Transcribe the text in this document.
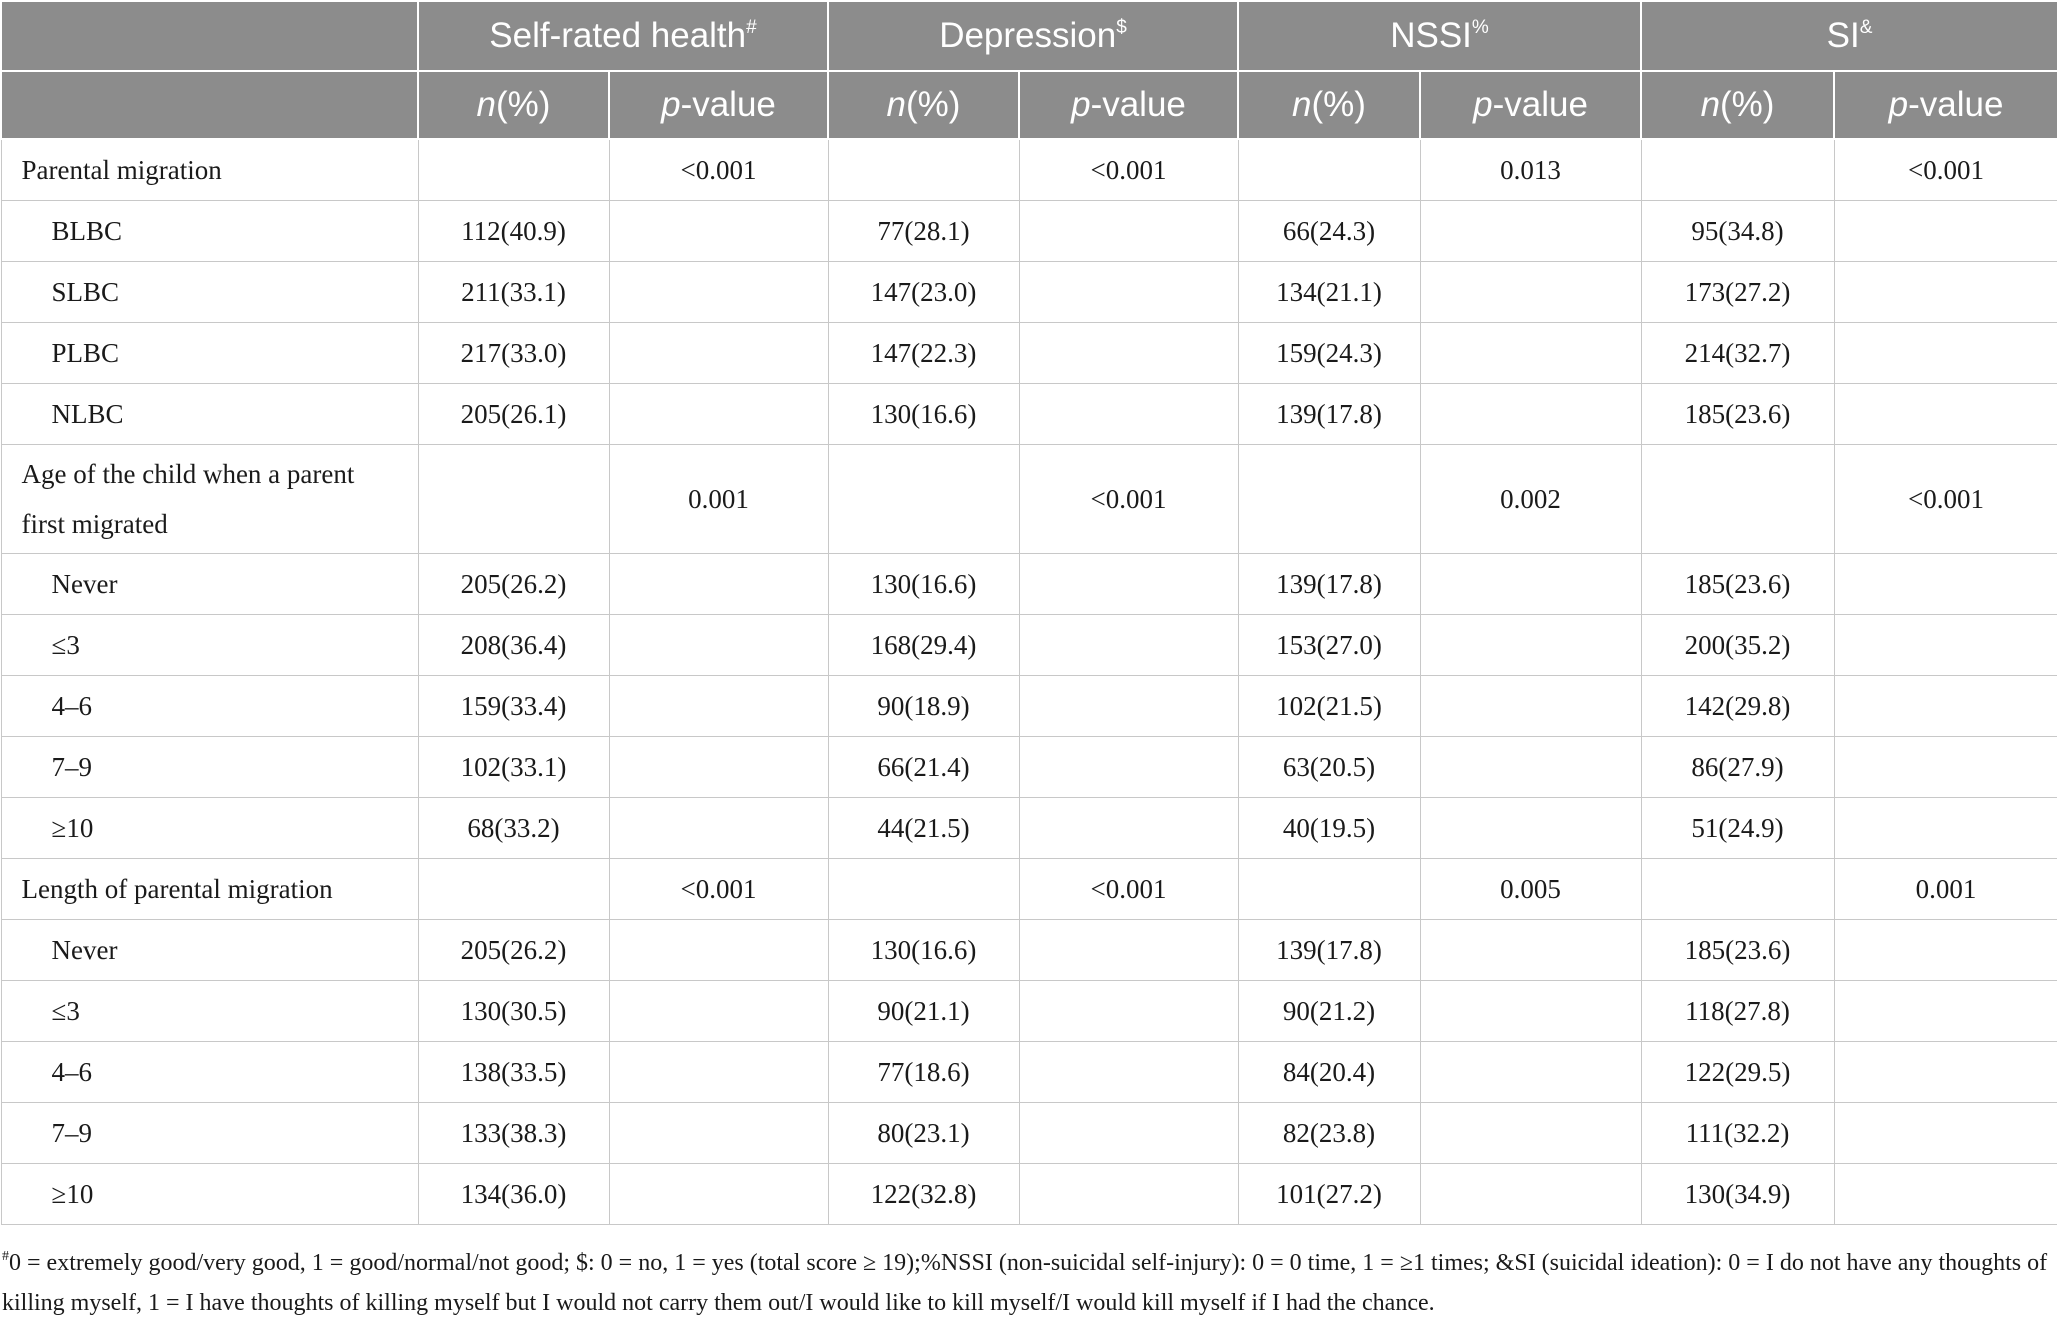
	Self-rated health#		Depression$		NSSI%		SI&
	n(%)	p-value	n(%)	p-value	n(%)	p-value	n(%)	p-value
Parental migration		<0.001		<0.001		0.013		<0.001
BLBC	112(40.9)		77(28.1)		66(24.3)		95(34.8)	
SLBC	211(33.1)		147(23.0)		134(21.1)		173(27.2)	
PLBC	217(33.0)		147(22.3)		159(24.3)		214(32.7)	
NLBC	205(26.1)		130(16.6)		139(17.8)		185(23.6)	

Age of the child when a parent
first migrated		0.001		<0.001		0.002		<0.001
Never	205(26.2)		130(16.6)		139(17.8)		185(23.6)	
≤3	208(36.4)		168(29.4)		153(27.0)		200(35.2)	
4–6	159(33.4)		90(18.9)		102(21.5)		142(29.8)	
7–9	102(33.1)		66(21.4)		63(20.5)		86(27.9)	
≥10	68(33.2)		44(21.5)		40(19.5)		51(24.9)	
Length of parental migration		<0.001		<0.001		0.005		0.001
Never	205(26.2)		130(16.6)		139(17.8)		185(23.6)	
≤3	130(30.5)		90(21.1)		90(21.2)		118(27.8)	
4–6	138(33.5)		77(18.6)		84(20.4)		122(29.5)	
7–9	133(38.3)		80(23.1)		82(23.8)		111(32.2)	
≥10	134(36.0)		122(32.8)		101(27.2)		130(34.9)	
#0 = extremely good/very good, 1 = good/normal/not good; $: 0 = no, 1 = yes (total score ≥ 19);%NSSI (non-suicidal self-injury): 0 = 0 time, 1 = ≥1 times; &SI (suicidal ideation): 0 = I do not have any thoughts of killing myself, 1 = I have thoughts of killing myself but I would not carry them out/I would like to kill myself/I would kill myself if I had the chance.
